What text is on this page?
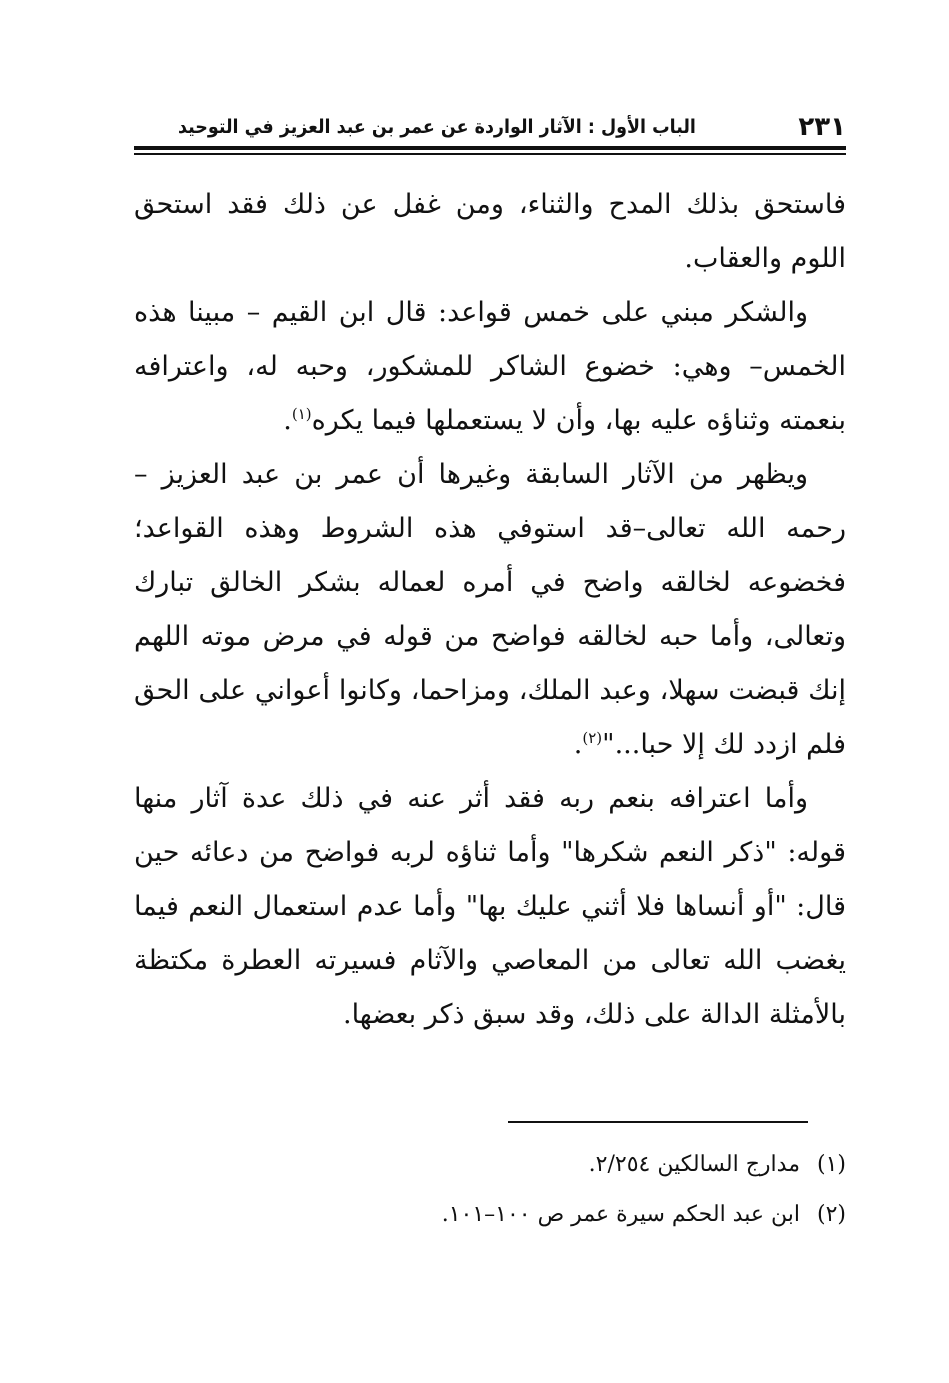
٢٣١
الباب الأول : الآثار الواردة عن عمر بن عبد العزيز في التوحيد

فاستحق بذلك المدح والثناء، ومن غفل عن ذلك فقد استحق اللوم والعقاب.

والشكر مبني على خمس قواعد: قال ابن القيم – مبينا هذه الخمس– وهي: خضوع الشاكر للمشكور، وحبه له، واعترافه بنعمته وثناؤه عليه بها، وأن لا يستعملها فيما يكره$^{(١)}$.

ويظهر من الآثار السابقة وغيرها أن عمر بن عبد العزيز –رحمه الله تعالى–قد استوفي هذه الشروط وهذه القواعد؛ فخضوعه لخالقه واضح في أمره لعماله بشكر الخالق تبارك وتعالى، وأما حبه لخالقه فواضح من قوله في مرض موته اللهم إنك قبضت سهلا، وعبد الملك، ومزاحما، وكانوا أعواني على الحق فلم ازدد لك إلا حبا..."$^{(٢)}$.

وأما اعترافه بنعم ربه فقد أثر عنه في ذلك عدة آثار منها قوله: "ذكر النعم شكرها" وأما ثناؤه لربه فواضح من دعائه حين قال: "أو أنساها فلا أثني عليك بها" وأما عدم استعمال النعم فيما يغضب الله تعالى من المعاصي والآثام فسيرته العطرة مكتظة بالأمثلة الدالة على ذلك، وقد سبق ذكر بعضها.

(١) مدارج السالكين ٢/٢٥٤.

(٢) ابن عبد الحكم سيرة عمر ص ١٠٠–١٠١.
